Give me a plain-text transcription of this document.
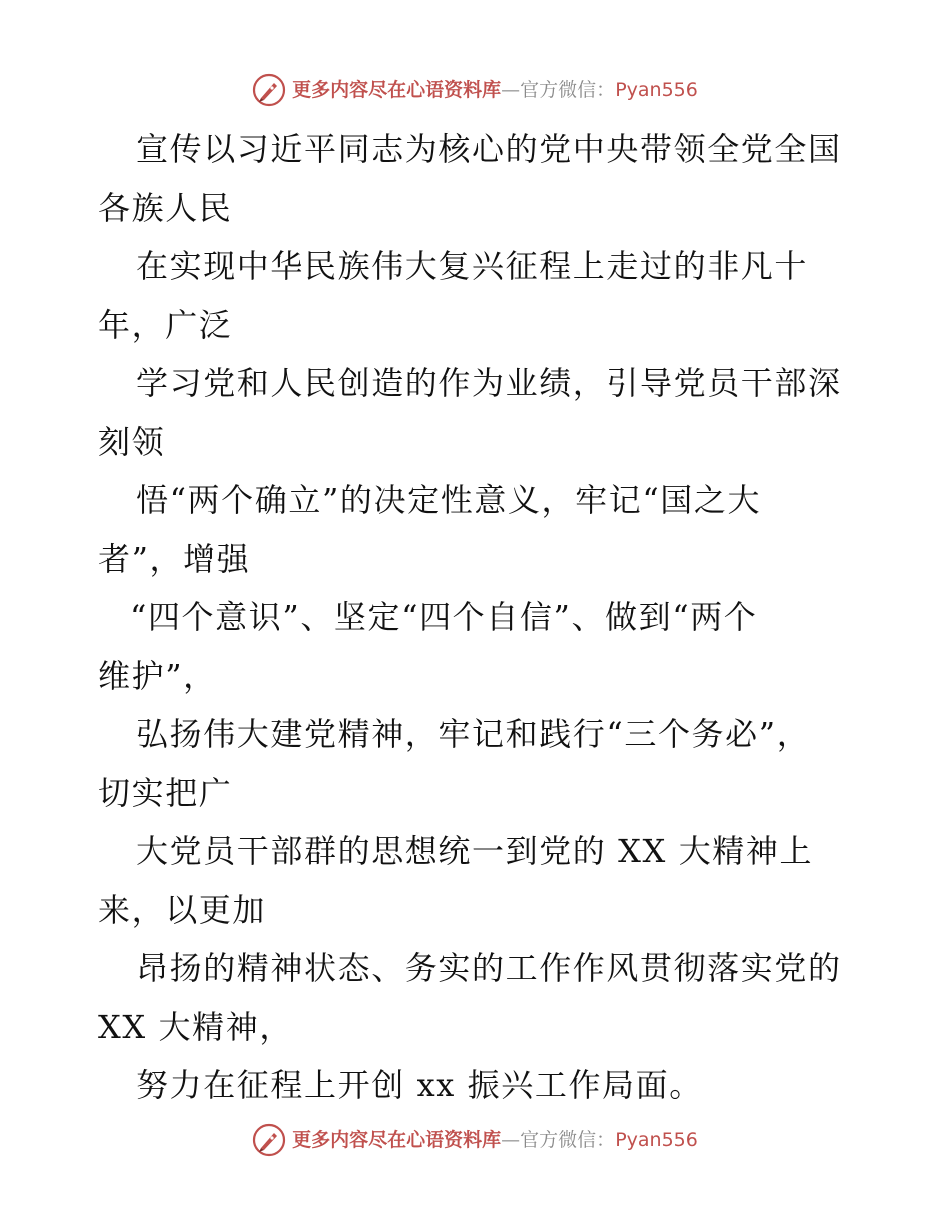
更多内容尽在心语资料库—官方微信：Pyan556
宣传以习近平同志为核心的党中央带领全党全国
各族人民
在实现中华民族伟大复兴征程上走过的非凡十
年，广泛
学习党和人民创造的作为业绩，引导党员干部深
刻领
悟“两个确立”的决定性意义，牢记“国之大
者”，增强
“四个意识”、坚定“四个自信”、做到“两个
维护”，
弘扬伟大建党精神，牢记和践行“三个务必”，
切实把广
大党员干部群的思想统一到党的 XX 大精神上
来，以更加
昂扬的精神状态、务实的工作作风贯彻落实党的
XX 大精神，
努力在征程上开创 xx 振兴工作局面。
更多内容尽在心语资料库—官方微信：Pyan556
